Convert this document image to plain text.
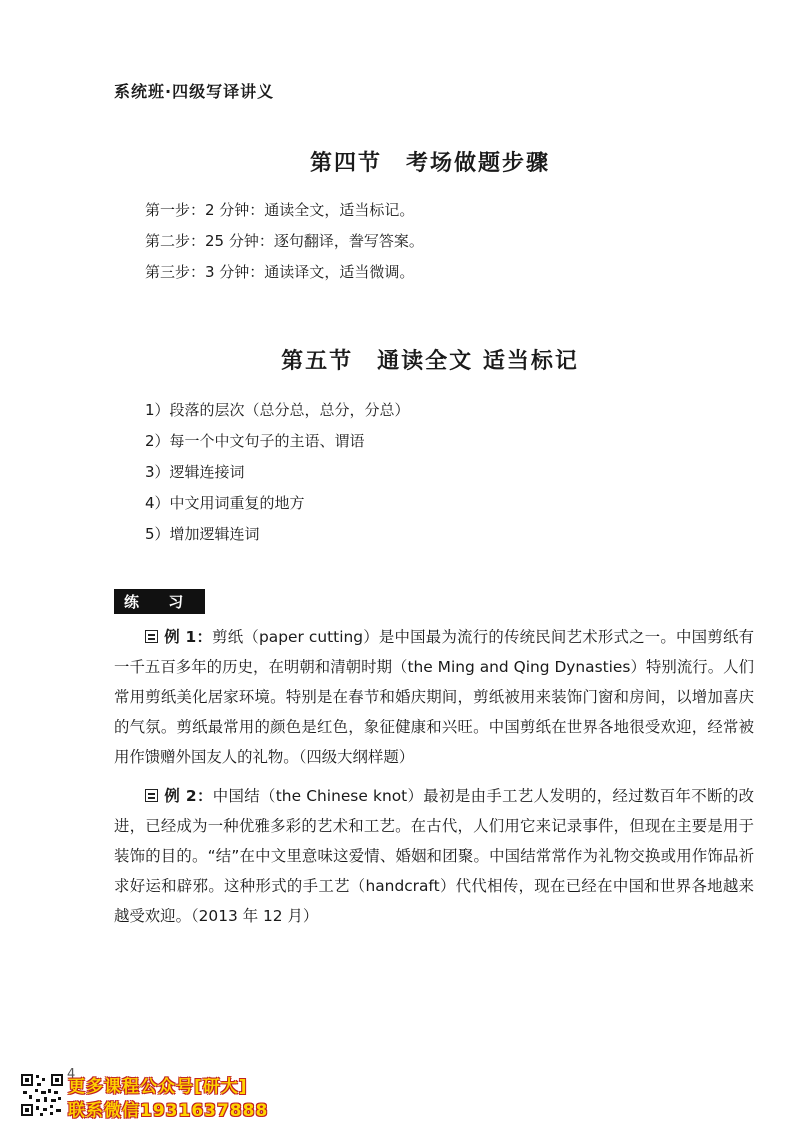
系统班·四级写译讲义
第四节　考场做题步骤
第一步：2 分钟：通读全文，适当标记。
第二步：25 分钟：逐句翻译，誊写答案。
第三步：3 分钟：通读译文，适当微调。
第五节　通读全文 适当标记
1）段落的层次（总分总，总分，分总）
2）每一个中文句子的主语、谓语
3）逻辑连接词
4）中文用词重复的地方
5）增加逻辑连词
练 习
例 1：剪纸（paper cutting）是中国最为流行的传统民间艺术形式之一。中国剪纸有一千五百多年的历史，在明朝和清朝时期（the Ming and Qing Dynasties）特别流行。人们常用剪纸美化居家环境。特别是在春节和婚庆期间，剪纸被用来装饰门窗和房间，以增加喜庆的气氛。剪纸最常用的颜色是红色，象征健康和兴旺。中国剪纸在世界各地很受欢迎，经常被用作馈赠外国友人的礼物。（四级大纲样题）
例 2：中国结（the Chinese knot）最初是由手工艺人发明的，经过数百年不断的改进，已经成为一种优雅多彩的艺术和工艺。在古代，人们用它来记录事件，但现在主要是用于装饰的目的。“结”在中文里意味这爱情、婚姻和团聚。中国结常常作为礼物交换或用作饰品祈求好运和辟邪。这种形式的手工艺（handcraft）代代相传，现在已经在中国和世界各地越来越受欢迎。（2013 年 12 月）
4
更多课程公众号[研大]
联系微信1931637888
